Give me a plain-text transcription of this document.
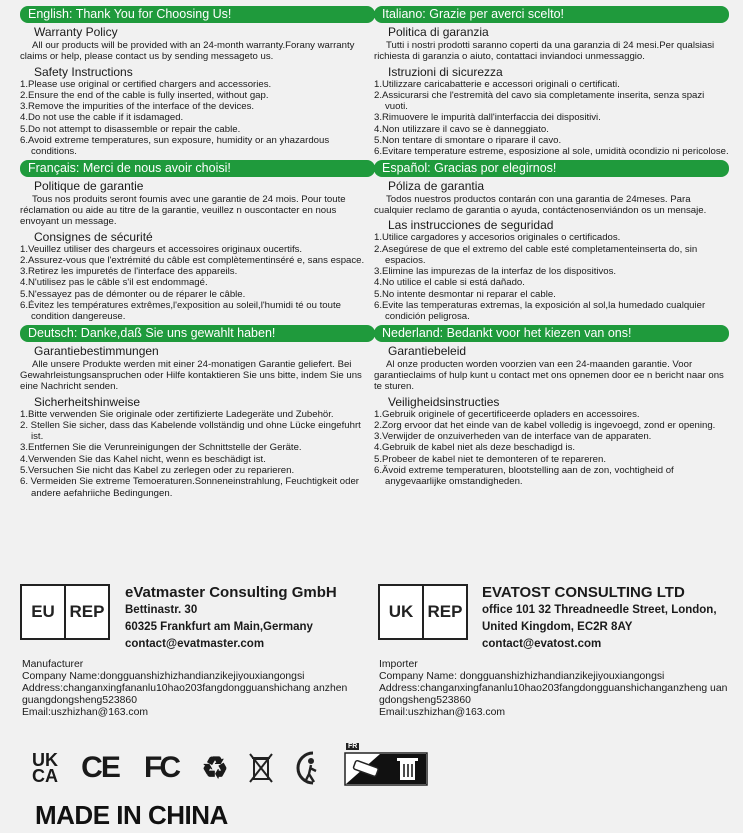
English: Thank You for Choosing Us!
Warranty Policy
All our products will be provided with an 24-month warranty.Forany warranty claims or help, please contact us by sending messageto us.
Safety Instructions
1.Please use original or certified chargers and accessories.
2.Ensure the end of the cable is fully inserted, without gap.
3.Remove the impurities of the interface of the devices.
4.Do not use the cable if it isdamaged.
5.Do not attempt to disassemble or repair the cable.
6.Avoid extreme temperatures, sun exposure, humidity or an yhazardous conditions.
Français: Merci de nous avoir choisi!
Politique de garantie
Tous nos produits seront foumis avec une garantie de 24 mois. Pour toute réclamation ou aide au titre de la garantie, veuillez n ouscontacter en nous envoyant un message.
Consignes de sécurité
1.Veuillez utiliser des chargeurs et accessoires originaux oucertifs.
2.Assurez-vous que l'extrémité du câble est complètementinséré e, sans espace.
3.Retirez les impuretés de l'interface des appareils.
4.N'utilisez pas le câble s'il est endommagé.
5.N'essayez pas de démonter ou de réparer le câble.
6.Évitez les températures extrêmes,l'exposition au soleil,l'humidi té ou toute condition dangereuse.
Deutsch: Danke,daß Sie uns gewahlt haben!
Garantiebestimmungen
Alle unsere Produkte werden mit einer 24-monatigen Garantie geliefert. Bei Gewahrleistungsanspruchen oder Hilfe kontaktieren Sie uns bitte, indem Sie uns eine Nachricht senden.
Sicherheitshinweise
1.Bitte verwenden Sie originale oder zertifizierte Ladegeräte und Zubehör.
2. Stellen Sie sicher, dass das Kabelende vollständig und ohne Lücke eingefuhrt ist.
3.Entfernen Sie die Verunreinigungen der Schnittstelle der Geräte.
4.Verwenden Sie das Kahel nicht, wenn es beschädigt ist.
5.Versuchen Sie nicht das Kabel zu zerlegen oder zu reparieren.
6. Vermeiden Sie extreme Temoeraturen.Sonneneinstrahlung, Feuchtigkeit oder andere aefahriiche Bedingungen.
Italiano: Grazie per averci scelto!
Politica di garanzia
Tutti i nostri prodotti saranno coperti da una garanzia di 24 mesi.Per qualsiasi richiesta di garanzia o aiuto, contattaci inviandoci unmessaggio.
Istruzioni di sicurezza
1.Utilizzare caricabatterie e accessori originali o certificati.
2.Assicurarsi che l'estremità del cavo sia completamente inserita, senza spazi vuoti.
3.Rimuovere le impurità dall'interfaccia dei dispositivi.
4.Non utilizzare il cavo se è danneggiato.
5.Non tentare di smontare o riparare il cavo.
6.Evitare temperature estreme, esposizione al sole, umidità ocondizio ni pericolose.
Español: Gracias por elegirnos!
Póliza de garantia
Todos nuestros productos contarán con una garantia de 24meses. Para cualquier reclamo de garantia o ayuda, contáctenosenviándon os un mensaje.
Las instrucciones de seguridad
1.Utilice cargadores y accesorios originales o certificados.
2.Asegúrese de que el extremo del cable esté completamenteinserta do, sin espacios.
3.Elimine las impurezas de la interfaz de los dispositivos.
4.No utilice el cable si está dañado.
5.No intente desmontar ni reparar el cable.
6.Evite las temperaturas extremas, la exposición al sol,la humedado cualquier condición peligrosa.
Nederland: Bedankt voor het kiezen van ons!
Garantiebeleid
Al onze producten worden voorzien van een 24-maanden garantie. Voor garantieclaims of hulp kunt u contact met ons opnemen door ee n bericht naar ons te sturen.
Veiligheidsinstructies
1.Gebruik originele of gecertificeerde opladers en accessoires.
2.Zorg ervoor dat het einde van de kabel volledig is ingevoegd, zond er opening.
3.Verwijder de onzuiverheden van de interface van de apparaten.
4.Gebruik de kabel niet als deze beschadigd is.
5.Probeer de kabel niet te demonteren of te repareren.
6.Ävoid extreme temperaturen, blootstelling aan de zon, vochtigheid of anygevaarlijke omstandigheden.
EU REP
eVatmaster Consulting GmbH
Bettinastr. 30
60325 Frankfurt am Main,Germany
contact@evatmaster.com
UK REP
EVATOST CONSULTING LTD
office 101 32 Threadneedle Street, London,
United Kingdom, EC2R 8AY
contact@evatost.com
Manufacturer
Company Name:dongguanshizhizhandianzikejiyouxiangongsi
Address:changanxingfananlu10hao203fangdongguanshichang anzhenguangdongsheng523860
Email:uszhizhan@163.com
Importer
Company Name: dongguanshizhizhandianzikejiyouxiangongsi
Address:changanxingfananlu10hao203fangdongguanshichanganzheng uangdongsheng523860
Email:uszhizhan@163.com
UK
CA CE FC ♻
FR
MADE IN CHINA
